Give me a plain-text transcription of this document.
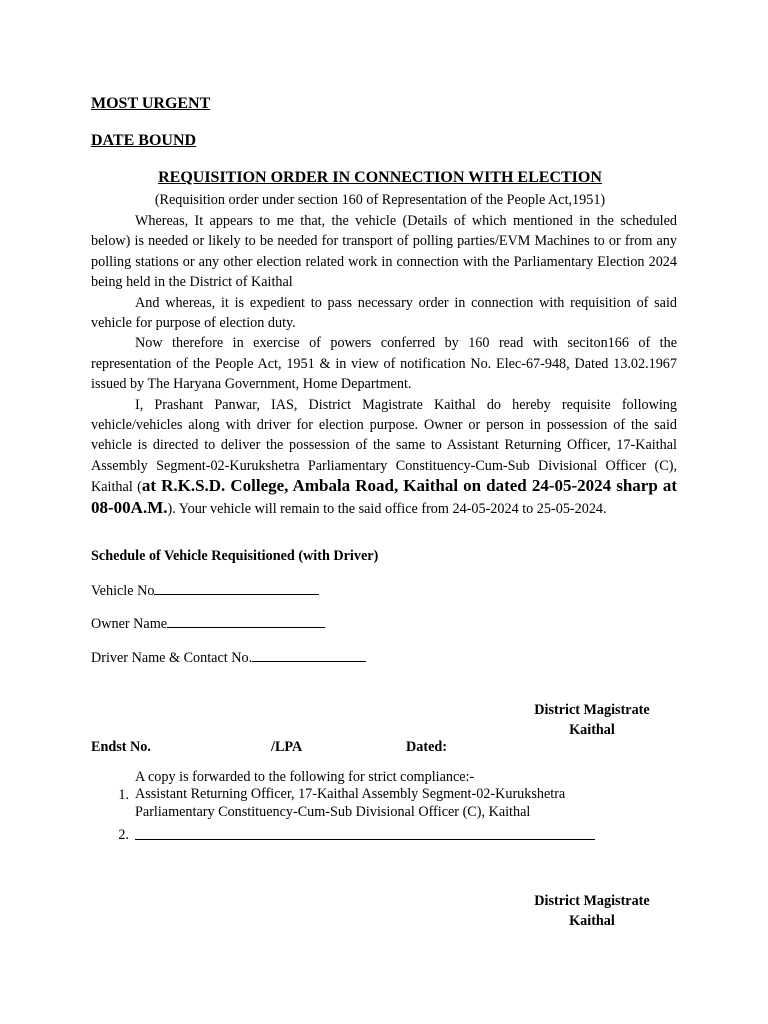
MOST URGENT
DATE BOUND
REQUISITION ORDER IN CONNECTION WITH ELECTION
(Requisition order under section 160 of Representation of the People Act,1951)

Whereas, It appears to me that, the vehicle (Details of which mentioned in the scheduled below) is needed or likely to be needed for transport of polling parties/EVM Machines to or from any polling stations or any other election related work in connection with the Parliamentary Election 2024 being held in the District of Kaithal

And whereas, it is expedient to pass necessary order in connection with requisition of said vehicle for purpose of election duty.

Now therefore in exercise of powers conferred by 160 read with seciton166 of the representation of the People Act, 1951 & in view of notification No. Elec-67-948, Dated 13.02.1967 issued by The Haryana Government, Home Department.

I, Prashant Panwar, IAS, District Magistrate Kaithal do hereby requisite following vehicle/vehicles along with driver for election purpose. Owner or person in possession of the said vehicle is directed to deliver the possession of the same to Assistant Returning Officer, 17-Kaithal Assembly Segment-02-Kurukshetra Parliamentary Constituency-Cum-Sub Divisional Officer (C), Kaithal (at R.K.S.D. College, Ambala Road, Kaithal on dated 24-05-2024 sharp at 08-00A.M.). Your vehicle will remain to the said office from 24-05-2024 to 25-05-2024.

Schedule of Vehicle Requisitioned (with Driver)
Vehicle No
Owner Name
Driver Name & Contact No.
District Magistrate
Kaithal
Endst No.	/LPA	Dated:
A copy is forwarded to the following for strict compliance:-
1. Assistant Returning Officer, 17-Kaithal Assembly Segment-02-Kurukshetra Parliamentary Constituency-Cum-Sub Divisional Officer (C), Kaithal
2.
District Magistrate
Kaithal
